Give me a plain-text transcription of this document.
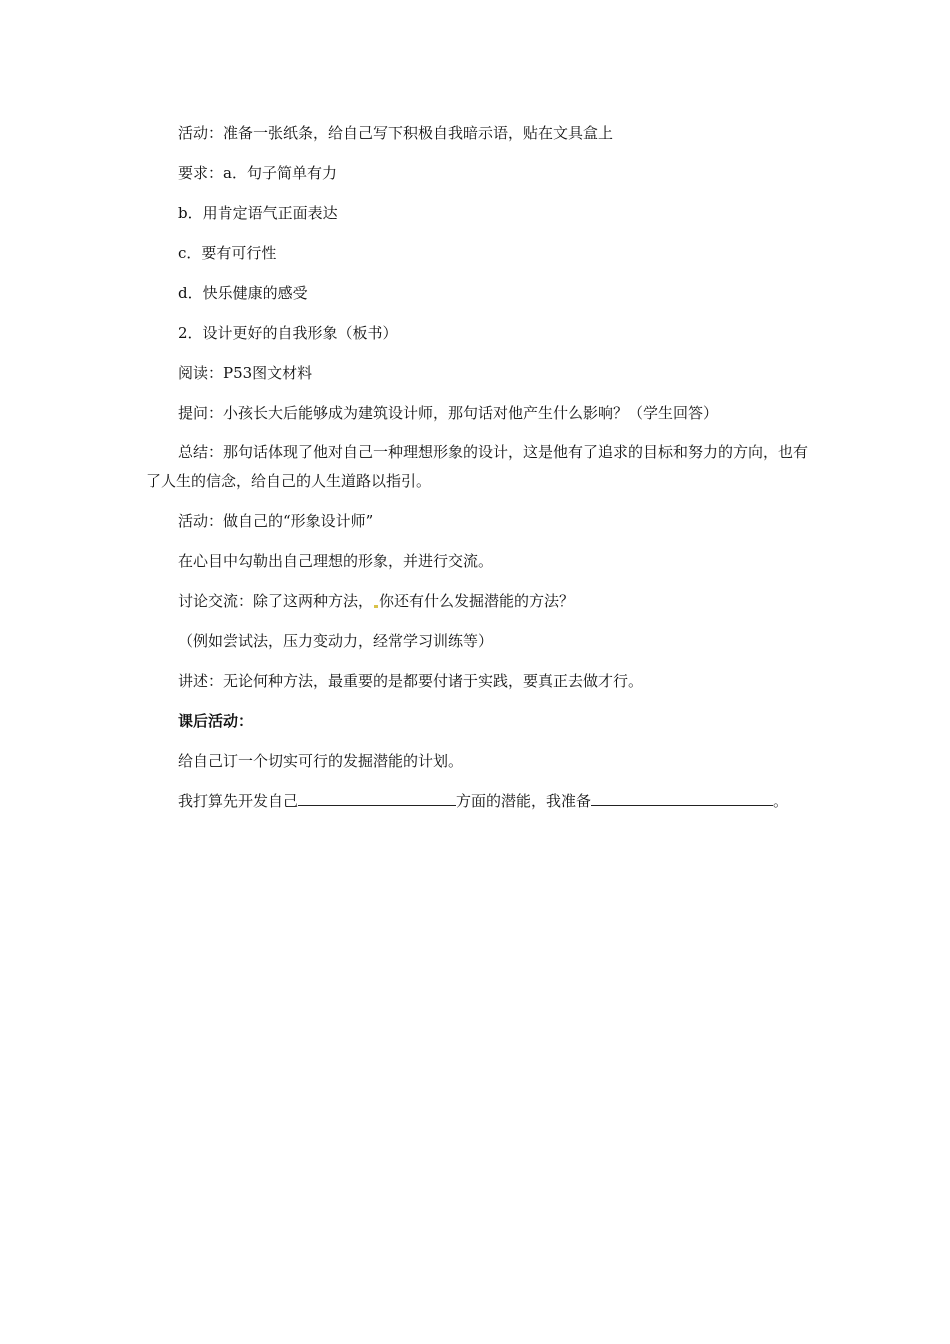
活动：准备一张纸条，给自己写下积极自我暗示语，贴在文具盒上

要求：a．句子简单有力

b．用肯定语气正面表达

c．要有可行性

d．快乐健康的感受

2．设计更好的自我形象（板书）

阅读：P53图文材料

提问：小孩长大后能够成为建筑设计师，那句话对他产生什么影响？（学生回答）

总结：那句话体现了他对自己一种理想形象的设计，这是他有了追求的目标和努力的方向，也有了人生的信念，给自己的人生道路以指引。

活动：做自己的“形象设计师”

在心目中勾勒出自己理想的形象，并进行交流。

讨论交流：除了这两种方法， 你还有什么发掘潜能的方法？

（例如尝试法，压力变动力，经常学习训练等）

讲述：无论何种方法，最重要的是都要付诸于实践，要真正去做才行。

课后活动：

给自己订一个切实可行的发掘潜能的计划。

我打算先开发自己	方面的潜能，我准备	。
